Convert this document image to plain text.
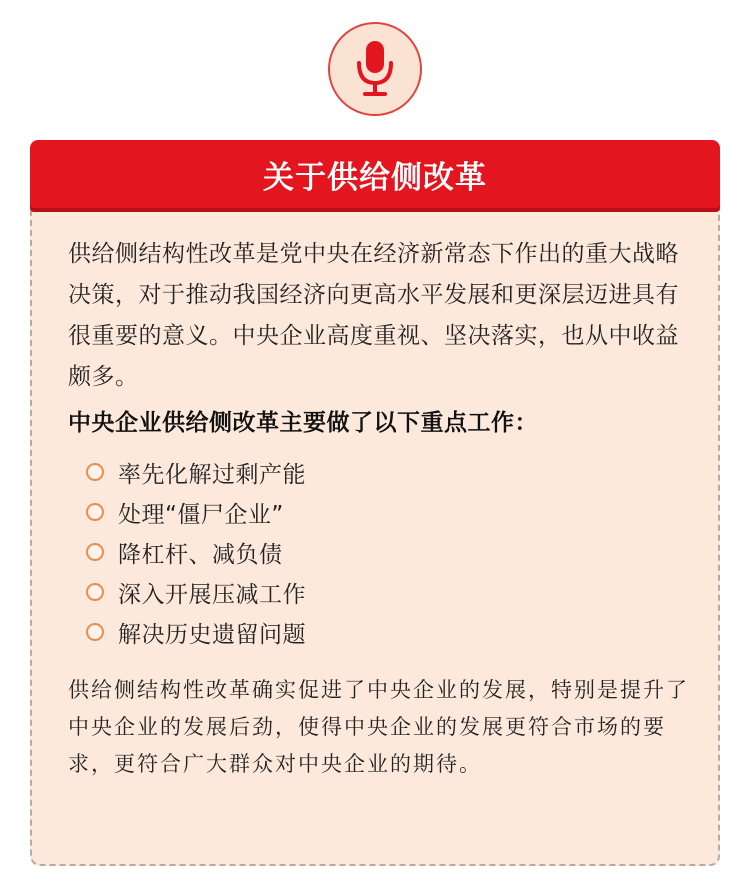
关于供给侧改革
供给侧结构性改革是党中央在经济新常态下作出的重大战略决策，对于推动我国经济向更高水平发展和更深层迈进具有很重要的意义。中央企业高度重视、坚决落实，也从中收益颇多。
中央企业供给侧改革主要做了以下重点工作：
率先化解过剩产能
处理“僵尸企业”
降杠杆、减负债
深入开展压减工作
解决历史遗留问题
供给侧结构性改革确实促进了中央企业的发展，特别是提升了中央企业的发展后劲，使得中央企业的发展更符合市场的要求，更符合广大群众对中央企业的期待。
